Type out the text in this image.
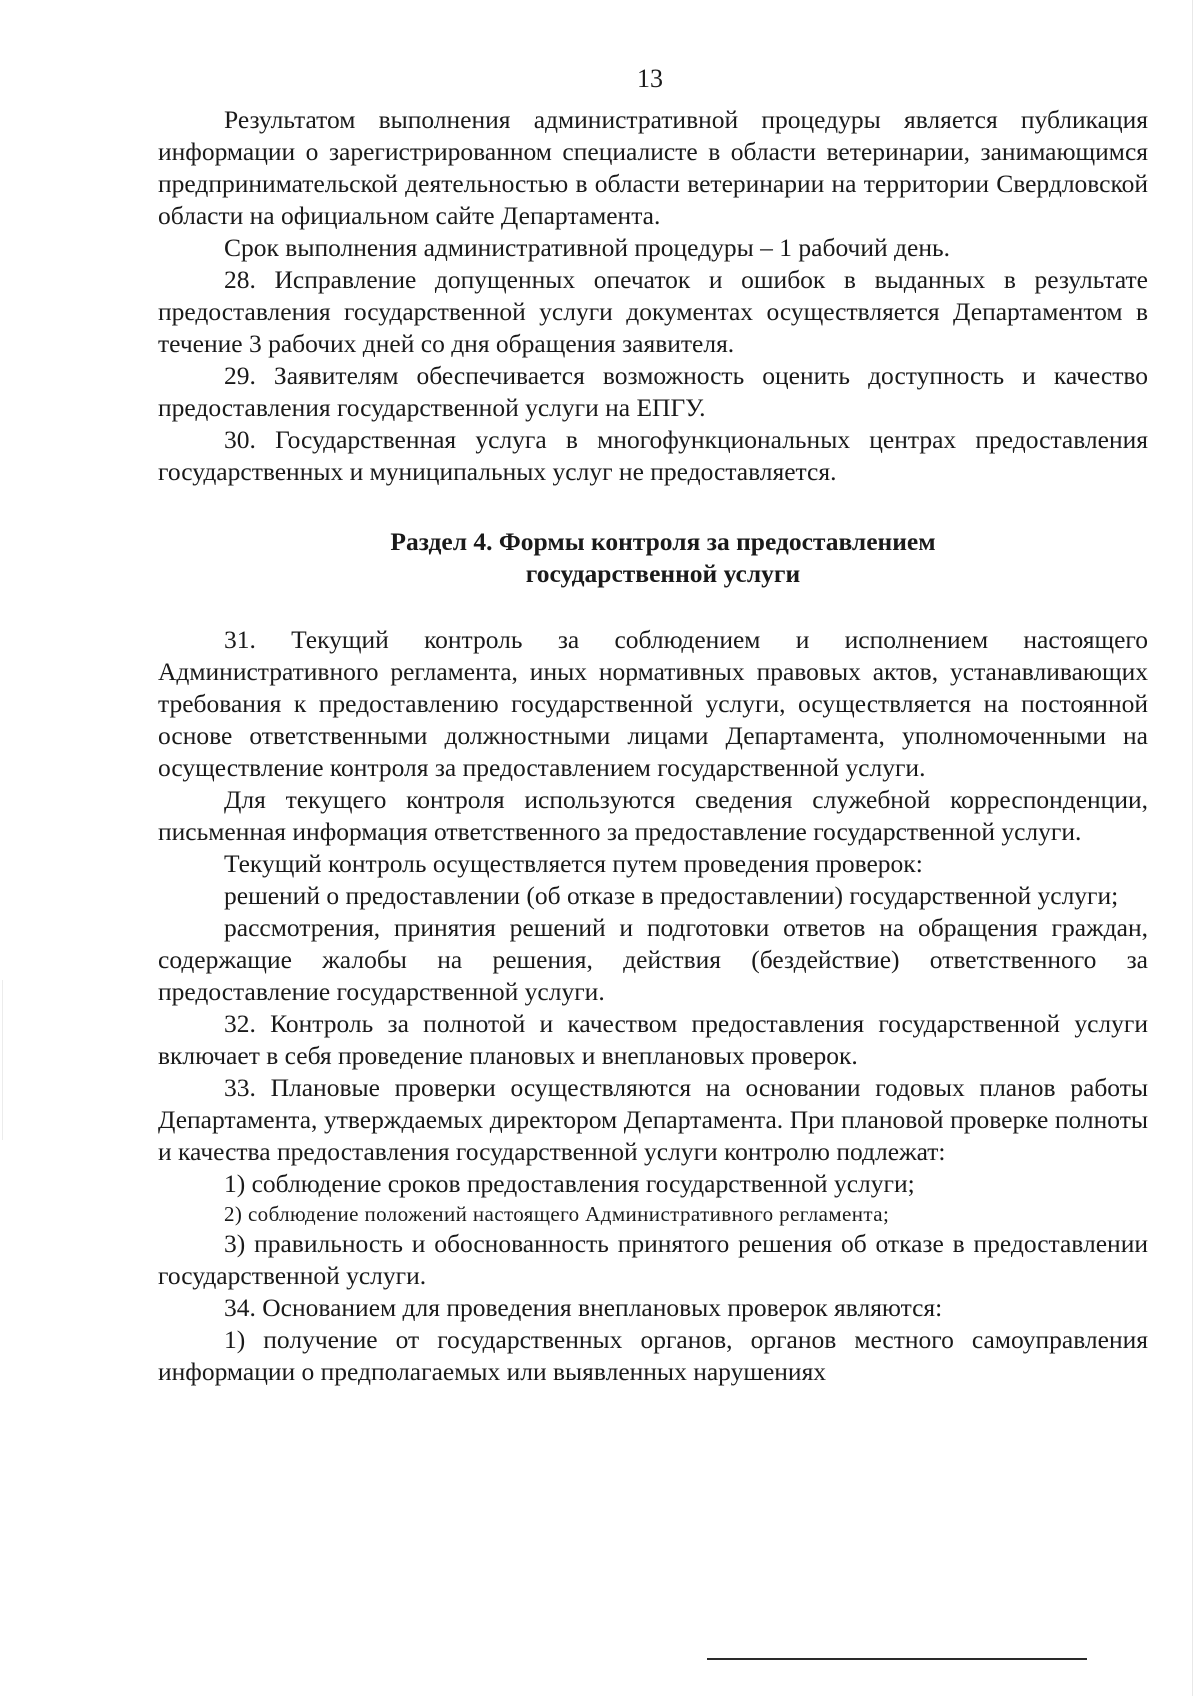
13

Результатом выполнения административной процедуры является публикация информации о зарегистрированном специалисте в области ветеринарии, занимающимся предпринимательской деятельностью в области ветеринарии на территории Свердловской области на официальном сайте Департамента.

Срок выполнения административной процедуры – 1 рабочий день.

28. Исправление допущенных опечаток и ошибок в выданных в результате предоставления государственной услуги документах осуществляется Департаментом в течение 3 рабочих дней со дня обращения заявителя.

29. Заявителям обеспечивается возможность оценить доступность и качество предоставления государственной услуги на ЕПГУ.

30. Государственная услуга в многофункциональных центрах предоставления государственных и муниципальных услуг не предоставляется.

Раздел 4. Формы контроля за предоставлением
государственной услуги

31. Текущий контроль за соблюдением и исполнением настоящего Административного регламента, иных нормативных правовых актов, устанавливающих требования к предоставлению государственной услуги, осуществляется на постоянной основе ответственными должностными лицами Департамента, уполномоченными на осуществление контроля за предоставлением государственной услуги.

Для текущего контроля используются сведения служебной корреспонденции, письменная информация ответственного за предоставление государственной услуги.

Текущий контроль осуществляется путем проведения проверок:

решений о предоставлении (об отказе в предоставлении) государственной услуги;

рассмотрения, принятия решений и подготовки ответов на обращения граждан, содержащие жалобы на решения, действия (бездействие) ответственного за предоставление государственной услуги.

32. Контроль за полнотой и качеством предоставления государственной услуги включает в себя проведение плановых и внеплановых проверок.

33. Плановые проверки осуществляются на основании годовых планов работы Департамента, утверждаемых директором Департамента. При плановой проверке полноты и качества предоставления государственной услуги контролю подлежат:

1) соблюдение сроков предоставления государственной услуги;

2) соблюдение положений настоящего Административного регламента;

3) правильность и обоснованность принятого решения об отказе в предоставлении государственной услуги.

34. Основанием для проведения внеплановых проверок являются:

1) получение от государственных органов, органов местного самоуправления информации о предполагаемых или выявленных нарушениях
